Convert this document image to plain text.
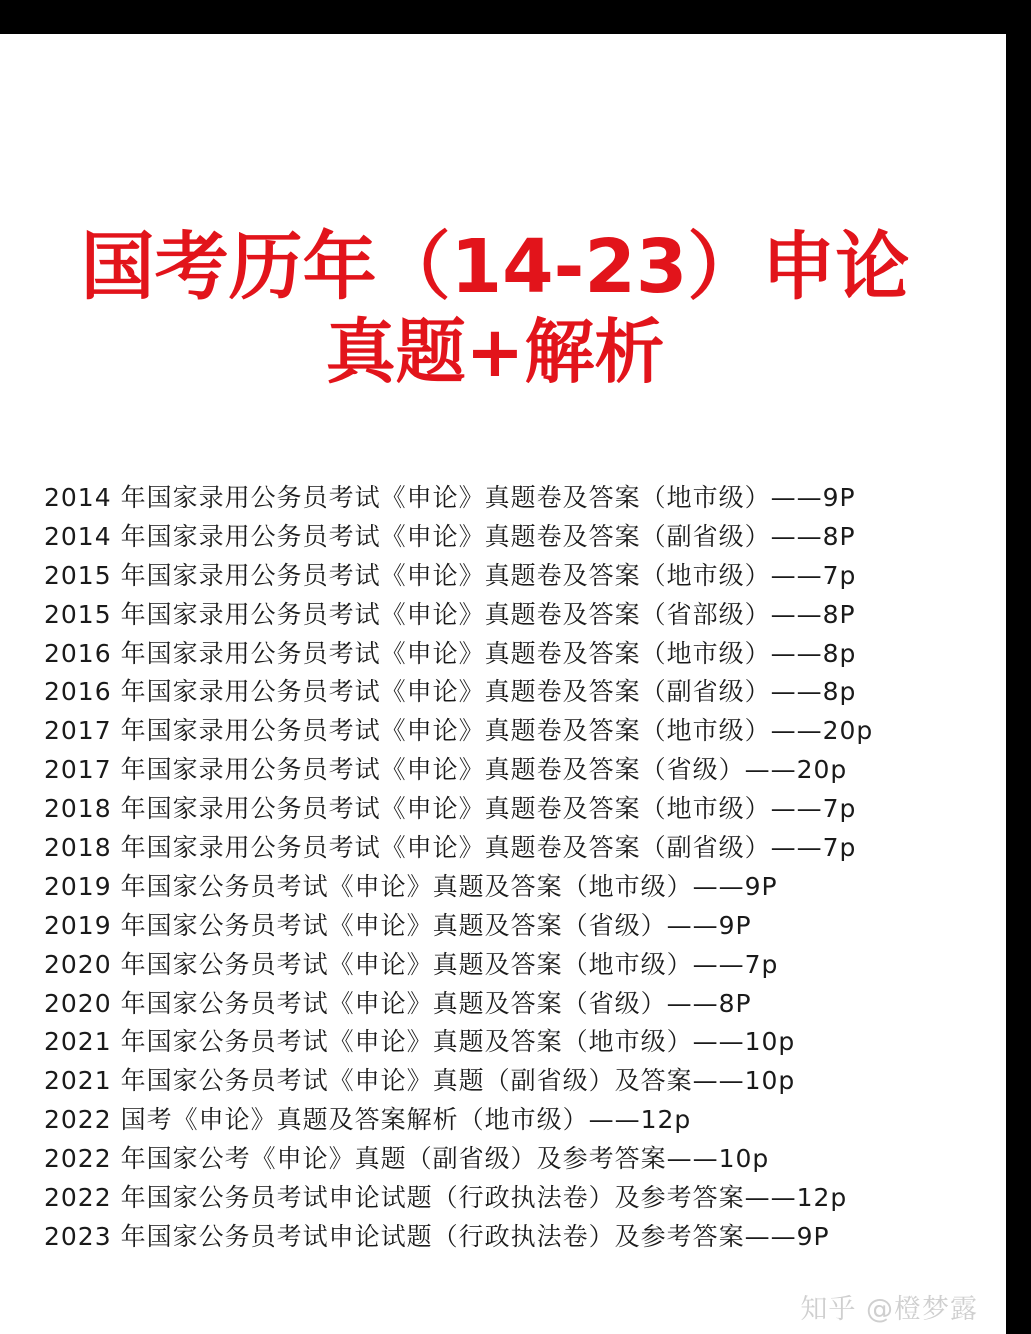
国考历年（14-23）申论
真题+解析
2014 年国家录用公务员考试《申论》真题卷及答案（地市级）——9P
2014 年国家录用公务员考试《申论》真题卷及答案（副省级）——8P
2015 年国家录用公务员考试《申论》真题卷及答案（地市级）——7p
2015 年国家录用公务员考试《申论》真题卷及答案（省部级）——8P
2016 年国家录用公务员考试《申论》真题卷及答案（地市级）——8p
2016 年国家录用公务员考试《申论》真题卷及答案（副省级）——8p
2017 年国家录用公务员考试《申论》真题卷及答案（地市级）——20p
2017 年国家录用公务员考试《申论》真题卷及答案（省级）——20p
2018 年国家录用公务员考试《申论》真题卷及答案（地市级）——7p
2018 年国家录用公务员考试《申论》真题卷及答案（副省级）——7p
2019 年国家公务员考试《申论》真题及答案（地市级）——9P
2019 年国家公务员考试《申论》真题及答案（省级）——9P
2020 年国家公务员考试《申论》真题及答案（地市级）——7p
2020 年国家公务员考试《申论》真题及答案（省级）——8P
2021 年国家公务员考试《申论》真题及答案（地市级）——10p
2021 年国家公务员考试《申论》真题（副省级）及答案——10p
2022 国考《申论》真题及答案解析（地市级）——12p
2022 年国家公考《申论》真题（副省级）及参考答案——10p
2022 年国家公务员考试申论试题（行政执法卷）及参考答案——12p
2023 年国家公务员考试申论试题（行政执法卷）及参考答案——9P
知乎 @橙梦露
